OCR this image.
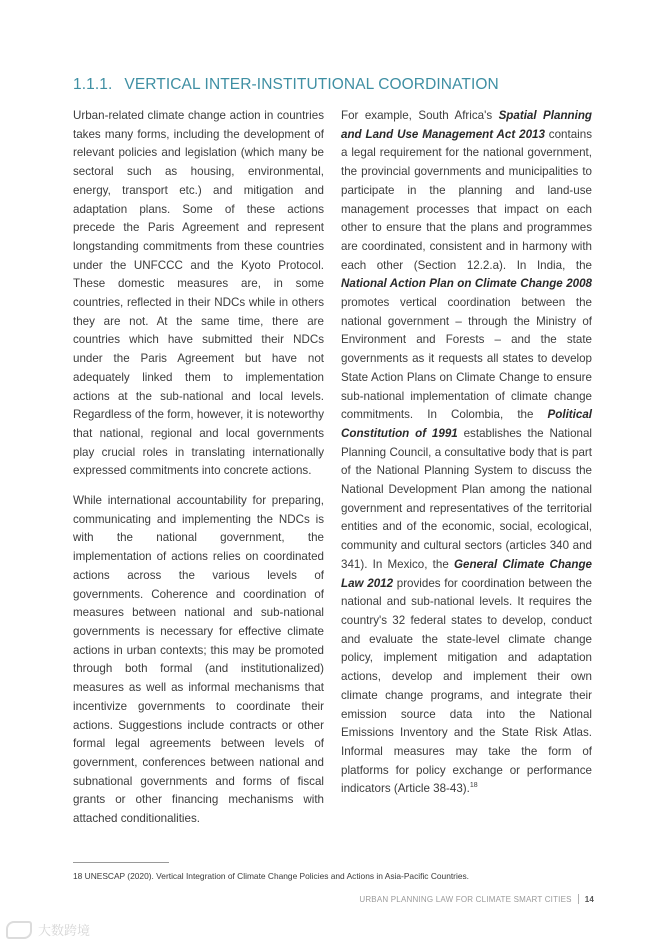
1.1.1. VERTICAL INTER-INSTITUTIONAL COORDINATION

Urban-related climate change action in countries takes many forms, including the development of relevant policies and legislation (which many be sectoral such as housing, environmental, energy, transport etc.) and mitigation and adaptation plans. Some of these actions precede the Paris Agreement and represent longstanding commitments from these countries under the UNFCCC and the Kyoto Protocol. These domestic measures are, in some countries, reflected in their NDCs while in others they are not. At the same time, there are countries which have submitted their NDCs under the Paris Agreement but have not adequately linked them to implementation actions at the sub-national and local levels. Regardless of the form, however, it is noteworthy that national, regional and local governments play crucial roles in translating internationally expressed commitments into concrete actions.

While international accountability for preparing, communicating and implementing the NDCs is with the national government, the implementation of actions relies on coordinated actions across the various levels of governments. Coherence and coordination of measures between national and sub-national governments is necessary for effective climate actions in urban contexts; this may be promoted through both formal (and institutionalized) measures as well as informal mechanisms that incentivize governments to coordinate their actions. Suggestions include contracts or other formal legal agreements between levels of government, conferences between national and subnational governments and forms of fiscal grants or other financing mechanisms with attached conditionalities.

For example, South Africa's Spatial Planning and Land Use Management Act 2013 contains a legal requirement for the national government, the provincial governments and municipalities to participate in the planning and land-use management processes that impact on each other to ensure that the plans and programmes are coordinated, consistent and in harmony with each other (Section 12.2.a). In India, the National Action Plan on Climate Change 2008 promotes vertical coordination between the national government – through the Ministry of Environment and Forests – and the state governments as it requests all states to develop State Action Plans on Climate Change to ensure sub-national implementation of climate change commitments. In Colombia, the Political Constitution of 1991 establishes the National Planning Council, a consultative body that is part of the National Planning System to discuss the National Development Plan among the national government and representatives of the territorial entities and of the economic, social, ecological, community and cultural sectors (articles 340 and 341). In Mexico, the General Climate Change Law 2012 provides for coordination between the national and sub-national levels. It requires the country's 32 federal states to develop, conduct and evaluate the state-level climate change policy, implement mitigation and adaptation actions, develop and implement their own climate change programs, and integrate their emission source data into the National Emissions Inventory and the State Risk Atlas. Informal measures may take the form of platforms for policy exchange or performance indicators (Article 38-43).$^{18}$

18 UNESCAP (2020). Vertical Integration of Climate Change Policies and Actions in Asia-Pacific Countries.
URBAN PLANNING LAW FOR CLIMATE SMART CITIES 14
大数跨境
